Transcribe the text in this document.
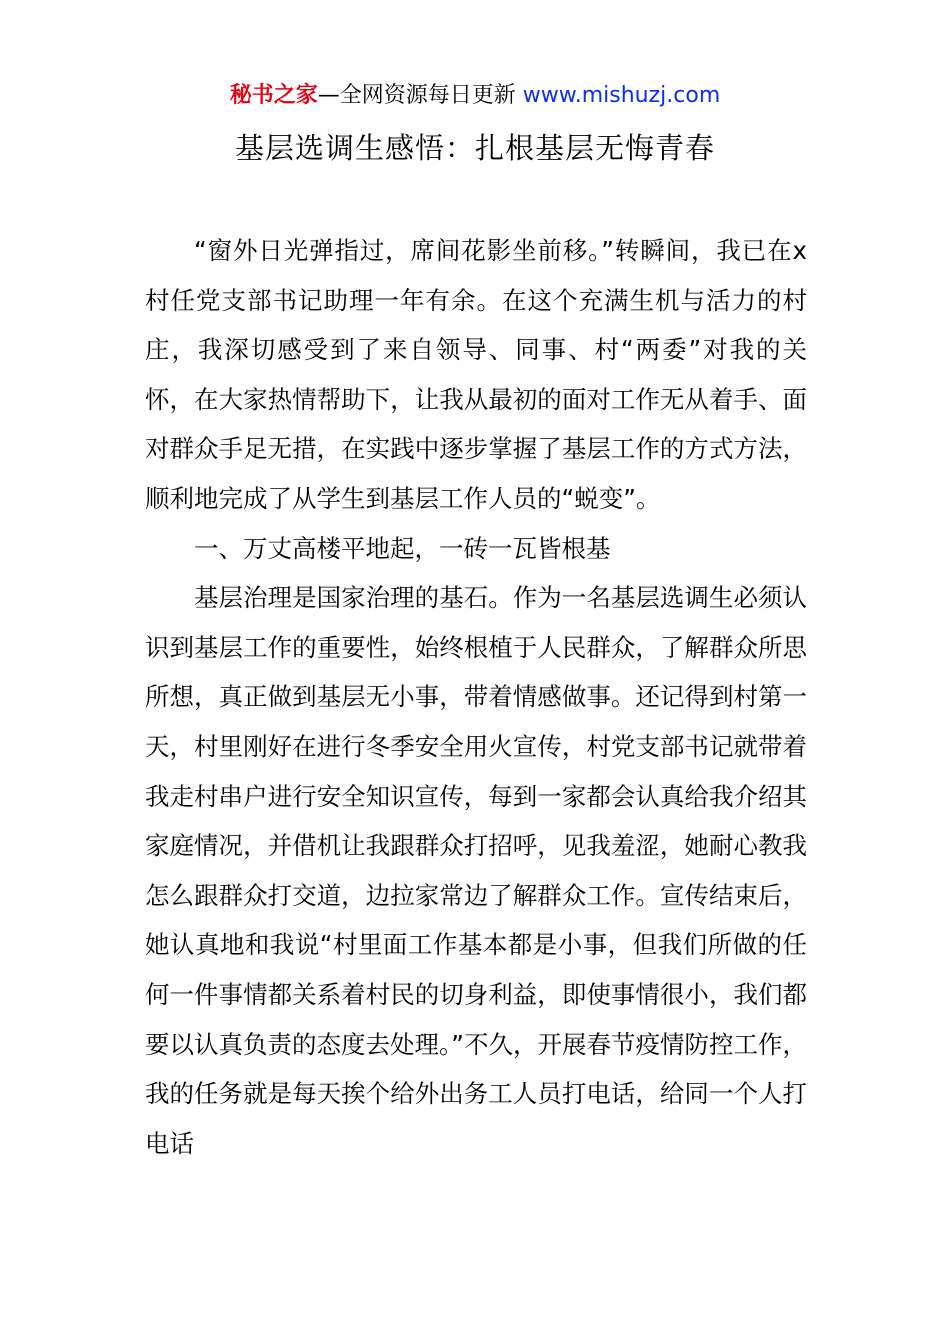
秘书之家—全网资源每日更新 www.mishuzj.com
基层选调生感悟：扎根基层无悔青春

“窗外日光弹指过，席间花影坐前移。”转瞬间，我已在x村任党支部书记助理一年有余。在这个充满生机与活力的村庄，我深切感受到了来自领导、同事、村“两委”对我的关怀，在大家热情帮助下，让我从最初的面对工作无从着手、面对群众手足无措，在实践中逐步掌握了基层工作的方式方法，顺利地完成了从学生到基层工作人员的“蜕变”。

一、万丈高楼平地起，一砖一瓦皆根基

基层治理是国家治理的基石。作为一名基层选调生必须认识到基层工作的重要性，始终根植于人民群众，了解群众所思所想，真正做到基层无小事，带着情感做事。还记得到村第一天，村里刚好在进行冬季安全用火宣传，村党支部书记就带着我走村串户进行安全知识宣传，每到一家都会认真给我介绍其家庭情况，并借机让我跟群众打招呼，见我羞涩，她耐心教我怎么跟群众打交道，边拉家常边了解群众工作。宣传结束后，她认真地和我说“村里面工作基本都是小事，但我们所做的任何一件事情都关系着村民的切身利益，即使事情很小，我们都要以认真负责的态度去处理。”不久，开展春节疫情防控工作，我的任务就是每天挨个给外出务工人员打电话，给同一个人打电话
